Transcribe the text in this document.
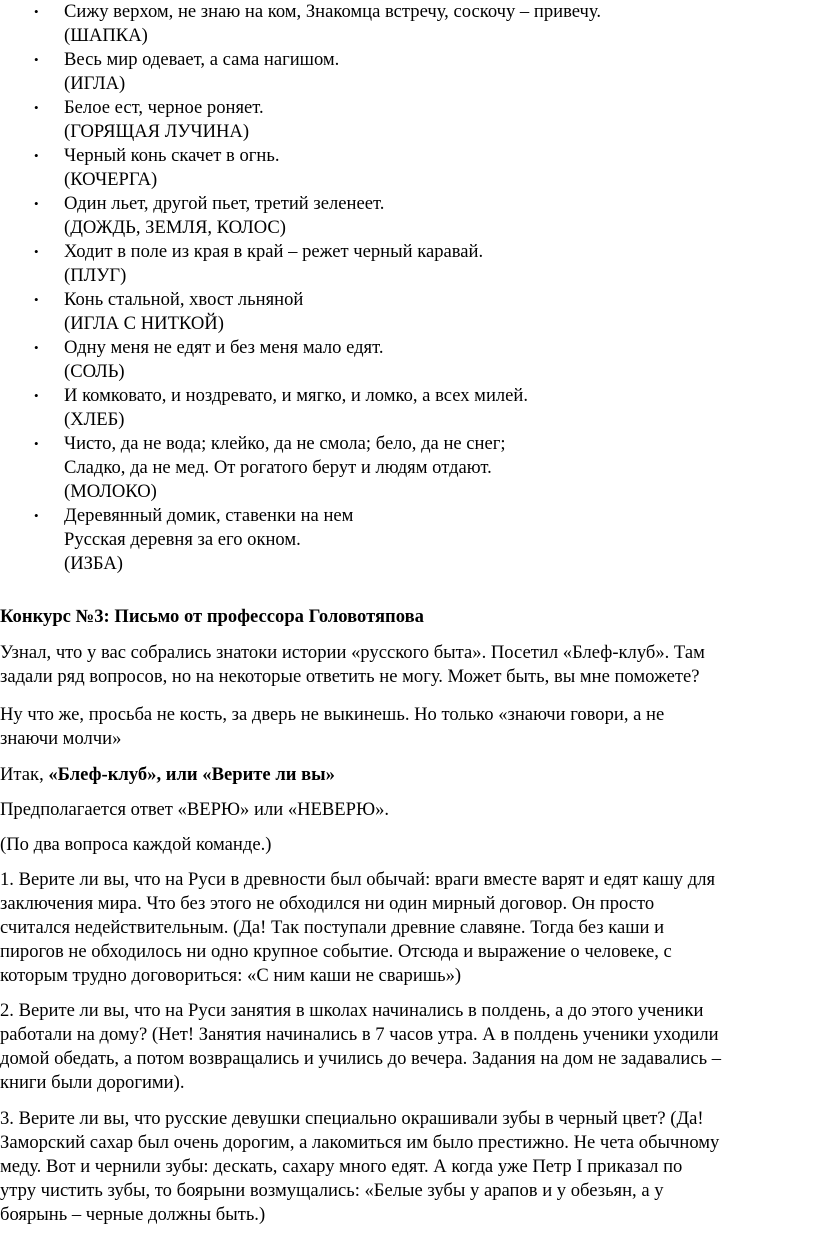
• Сижу верхом, не знаю на ком, Знакомца встречу, соскочу – привечу.
(ШАПКА)
• Весь мир одевает, а сама нагишом.
(ИГЛА)
• Белое ест, черное роняет.
(ГОРЯЩАЯ ЛУЧИНА)
• Черный конь скачет в огнь.
(КОЧЕРГА)
• Один льет, другой пьет, третий зеленеет.
(ДОЖДЬ, ЗЕМЛЯ, КОЛОС)
• Ходит в поле из края в край – режет черный каравай.
(ПЛУГ)
• Конь стальной, хвост льняной
(ИГЛА С НИТКОЙ)
• Одну меня не едят и без меня мало едят.
(СОЛЬ)
• И комковато, и ноздревато, и мягко, и ломко, а всех милей.
(ХЛЕБ)
• Чисто, да не вода; клейко, да не смола; бело, да не снег;
Сладко, да не мед. От рогатого берут и людям отдают.
(МОЛОКО)
• Деревянный домик, ставенки на нем
Русская деревня за его окном.
(ИЗБА)

Конкурс №3: Письмо от профессора Головотяпова

Узнал, что у вас собрались знатоки истории «русского быта». Посетил «Блеф-клуб». Там
задали ряд вопросов, но на некоторые ответить не могу. Может быть, вы мне поможете?
Ну что же, просьба не кость, за дверь не выкинешь. Но только «знаючи говори, а не
знаючи молчи»
Итак, «Блеф-клуб», или «Верите ли вы»
Предполагается ответ «ВЕРЮ» или «НЕВЕРЮ».
(По два вопроса каждой команде.)
1. Верите ли вы, что на Руси в древности был обычай: враги вместе варят и едят кашу для
заключения мира. Что без этого не обходился ни один мирный договор. Он просто
считался недействительным. (Да! Так поступали древние славяне. Тогда без каши и
пирогов не обходилось ни одно крупное событие. Отсюда и выражение о человеке, с
которым трудно договориться: «С ним каши не сваришь»)
2. Верите ли вы, что на Руси занятия в школах начинались в полдень, а до этого ученики
работали на дому? (Нет! Занятия начинались в 7 часов утра. А в полдень ученики уходили
домой обедать, а потом возвращались и учились до вечера. Задания на дом не задавались –
книги были дорогими).
3. Верите ли вы, что русские девушки специально окрашивали зубы в черный цвет? (Да!
Заморский сахар был очень дорогим, а лакомиться им было престижно. Не чета обычному
меду. Вот и чернили зубы: дескать, сахару много едят. А когда уже Петр I приказал по
утру чистить зубы, то боярыни возмущались: «Белые зубы у арапов и у обезьян, а у
боярынь – черные должны быть.)
